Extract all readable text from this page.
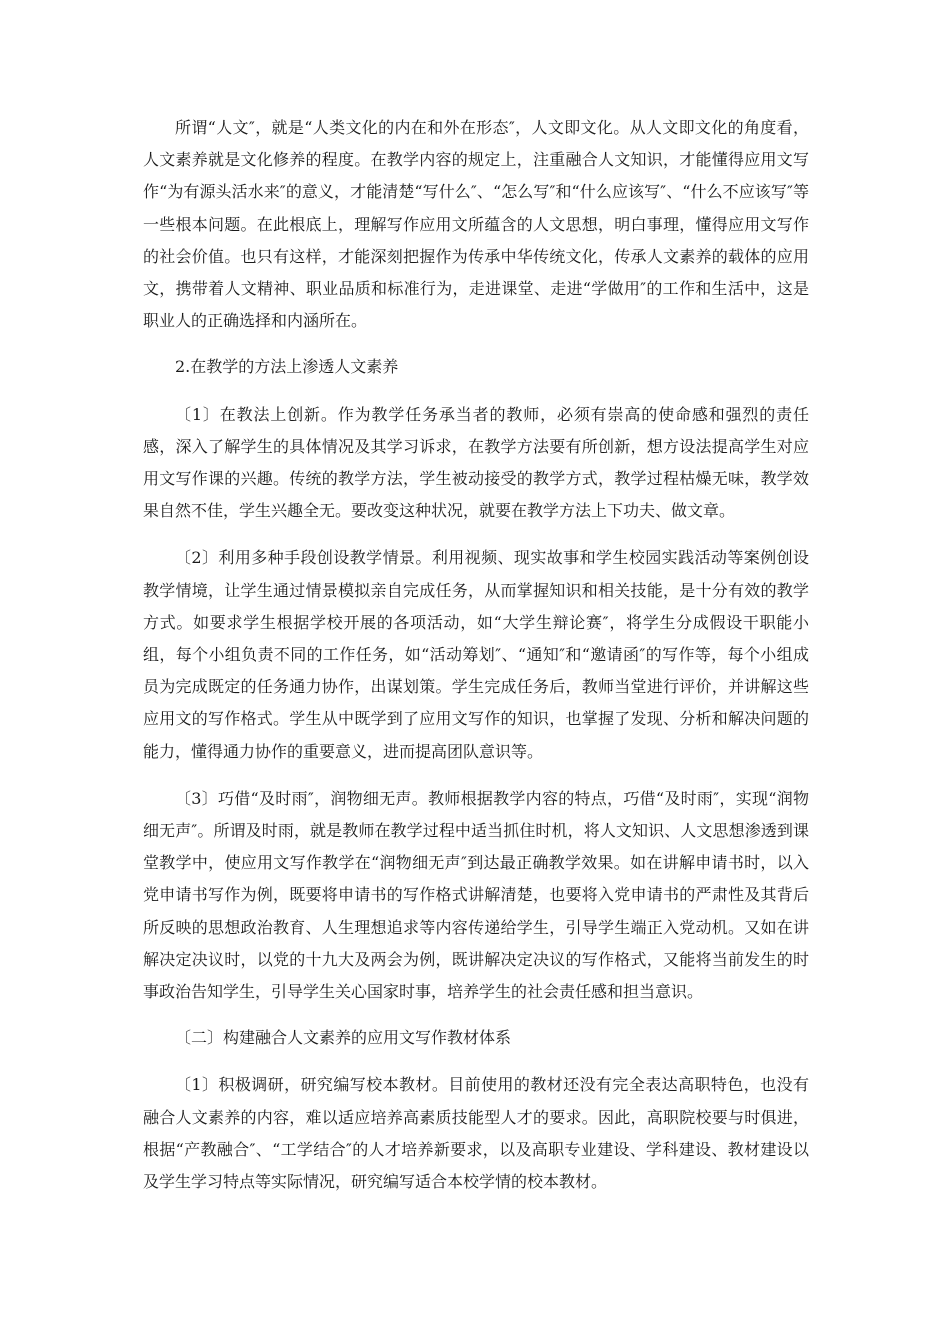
所谓“人文″，就是“人类文化的内在和外在形态″，人文即文化。从人文即文化的角度看，人文素养就是文化修养的程度。在教学内容的规定上，注重融合人文知识，才能懂得应用文写作“为有源头活水来″的意义，才能清楚“写什么″、“怎么写″和“什么应该写″、“什么不应该写″等一些根本问题。在此根底上，理解写作应用文所蕴含的人文思想，明白事理，懂得应用文写作的社会价值。也只有这样，才能深刻把握作为传承中华传统文化，传承人文素养的载体的应用文，携带着人文精神、职业品质和标准行为，走进课堂、走进“学做用″的工作和生活中，这是职业人的正确选择和内涵所在。

2.在教学的方法上渗透人文素养

〔1〕在教法上创新。作为教学任务承当者的教师，必须有崇高的使命感和强烈的责任感，深入了解学生的具体情况及其学习诉求，在教学方法要有所创新，想方设法提高学生对应用文写作课的兴趣。传统的教学方法，学生被动接受的教学方式，教学过程枯燥无味，教学效果自然不佳，学生兴趣全无。要改变这种状况，就要在教学方法上下功夫、做文章。

〔2〕利用多种手段创设教学情景。利用视频、现实故事和学生校园实践活动等案例创设教学情境，让学生通过情景模拟亲自完成任务，从而掌握知识和相关技能，是十分有效的教学方式。如要求学生根据学校开展的各项活动，如“大学生辩论赛″，将学生分成假设干职能小组，每个小组负责不同的工作任务，如“活动筹划″、“通知″和“邀请函″的写作等，每个小组成员为完成既定的任务通力协作，出谋划策。学生完成任务后，教师当堂进行评价，并讲解这些应用文的写作格式。学生从中既学到了应用文写作的知识，也掌握了发现、分析和解决问题的能力，懂得通力协作的重要意义，进而提高团队意识等。

〔3〕巧借“及时雨″，润物细无声。教师根据教学内容的特点，巧借“及时雨″，实现“润物细无声″。所谓及时雨，就是教师在教学过程中适当抓住时机，将人文知识、人文思想渗透到课堂教学中，使应用文写作教学在“润物细无声″到达最正确教学效果。如在讲解申请书时，以入党申请书写作为例，既要将申请书的写作格式讲解清楚，也要将入党申请书的严肃性及其背后所反映的思想政治教育、人生理想追求等内容传递给学生，引导学生端正入党动机。又如在讲解决定决议时，以党的十九大及两会为例，既讲解决定决议的写作格式，又能将当前发生的时事政治告知学生，引导学生关心国家时事，培养学生的社会责任感和担当意识。

〔二〕构建融合人文素养的应用文写作教材体系

〔1〕积极调研，研究编写校本教材。目前使用的教材还没有完全表达高职特色，也没有融合人文素养的内容，难以适应培养高素质技能型人才的要求。因此，高职院校要与时俱进，根据“产教融合″、“工学结合″的人才培养新要求，以及高职专业建设、学科建设、教材建设以及学生学习特点等实际情况，研究编写适合本校学情的校本教材。
